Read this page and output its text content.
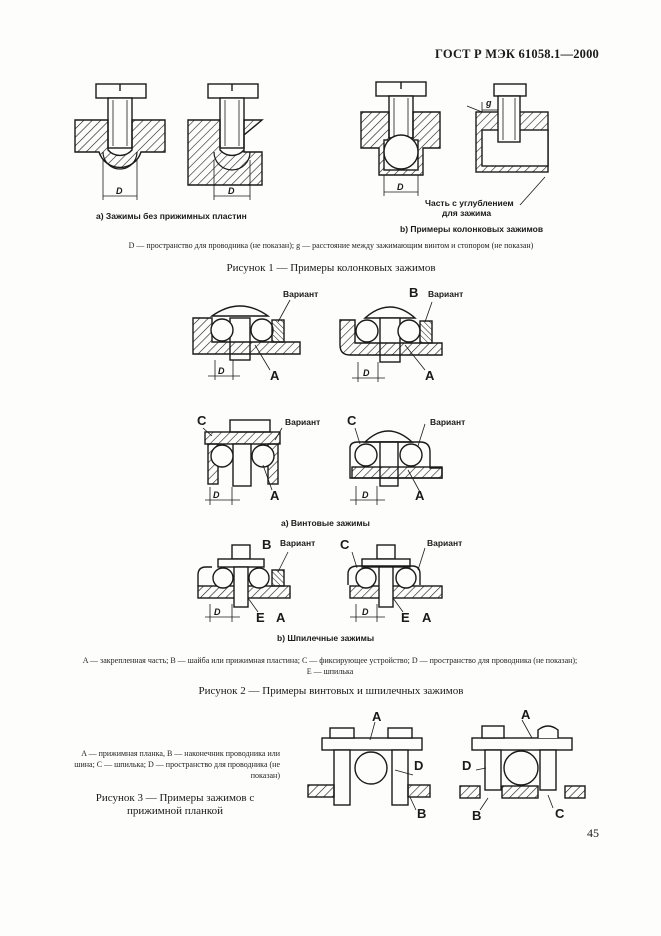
ГОСТ Р МЭК 61058.1—2000
D	D
a) Зажимы без прижимных пластин
D
g
Часть с углублением для зажима
b) Примеры колонковых зажимов
Вариант
D	A
B Вариант
D	A
C	Вариант
D	A
C	Вариант
D	A
a) Винтовые зажимы
B Вариант
D	E A
C	Вариант
D	E A
b) Шпилечные зажимы
A
D
B
A
D
B	C
D — пространство для проводника (не показан); g — расстояние между зажимающим винтом и стопором (не показан)
Рисунок 1 — Примеры колонковых зажимов
A — закрепленная часть; B — шайба или прижимная пластина; C — фиксирующее устройство; D — пространство для проводника (не показан); E — шпилька
Рисунок 2 — Примеры винтовых и шпилечных зажимов
A — прижимная планка, B — наконечник проводника или шина; C — шпилька; D — пространство для проводника (не показан)
Рисунок 3 — Примеры зажимов с прижимной планкой
45
